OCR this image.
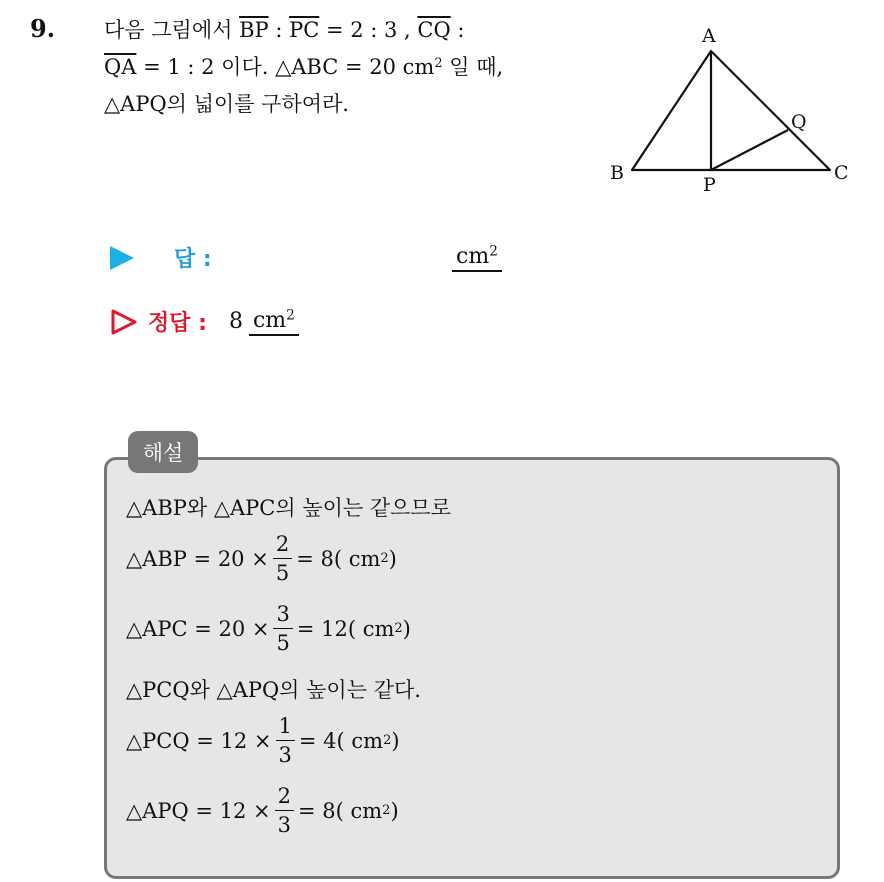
9. 다음 그림에서 $\overline{BP}$ : $\overline{PC} = 2$ : 3 , $\overline{CQ}$ :
$\overline{QA} = 1$ : 2 이다. △ABC = 20 $cm^2$ 일 때,
△APQ의 넓이를 구하여라.
A
B	C
P
Q
답 :	$cm^2$
정답 : 8 $cm^2$
해설
△ABP와 △APC의 높이는 같으므로
△ABP = $20 \times \frac{2}{5} = 8$( cm 2 )
△APC = $20 \times \frac{3}{5} = 12$( cm 2 )
△PCQ와 △APQ의 높이는 같다.
△PCQ = $12 \times \frac{1}{3} = 4$( cm 2 )
△APQ = $12 \times \frac{2}{3} = 8$( cm 2 )
